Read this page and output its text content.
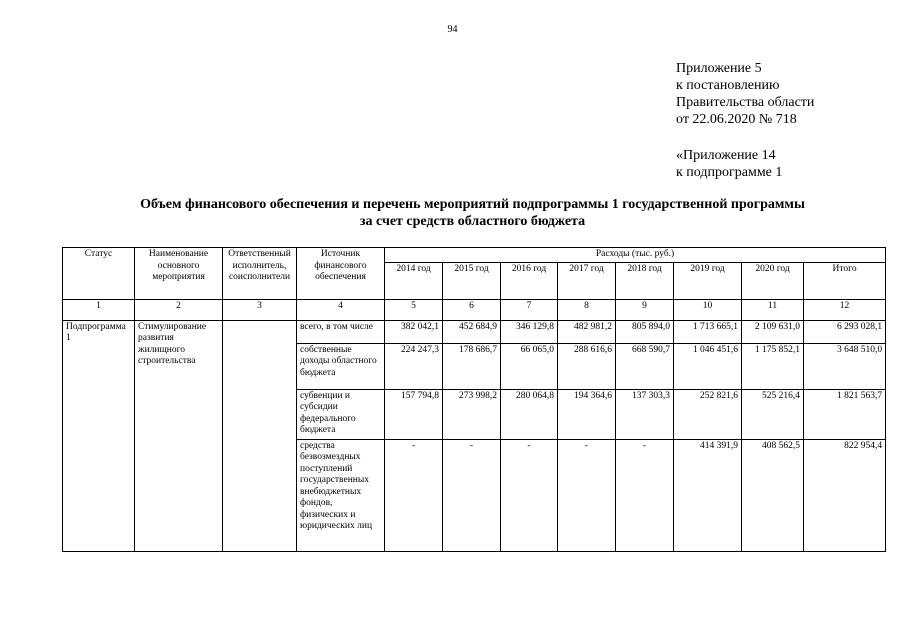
94
Приложение 5
к постановлению
Правительства области
от 22.06.2020 № 718
«Приложение 14
к подпрограмме 1
Объем финансового обеспечения и перечень мероприятий подпрограммы 1 государственной программы
за счет средств областного бюджета
Статус	Наименование основного мероприятия	Ответственный исполнитель, соисполнители	Источник финансового обеспечения	Расходы (тыс. руб.)							
				2014 год	2015 год	2016 год	2017 год	2018 год	2019 год	2020 год	Итого
1	2	3	4	5	6	7	8	9	10	11	12
Подпрограмма 1	Стимулирование развития жилищного строительства		всего, в том числе	382 042,1	452 684,9	346 129,8	482 981,2	805 894,0	1 713 665,1	2 109 631,0	6 293 028,1
			собственные доходы областного бюджета	224 247,3	178 686,7	66 065,0	288 616,6	668 590,7	1 046 451,6	1 175 852,1	3 648 510,0
			субвенции и субсидии федерального бюджета	157 794,8	273 998,2	280 064,8	194 364,6	137 303,3	252 821,6	525 216,4	1 821 563,7
			средства безвозмездных поступлений государственных внебюджетных фондов, физических и юридических лиц	-	-	-	-	-	414 391,9	408 562,5	822 954,4
